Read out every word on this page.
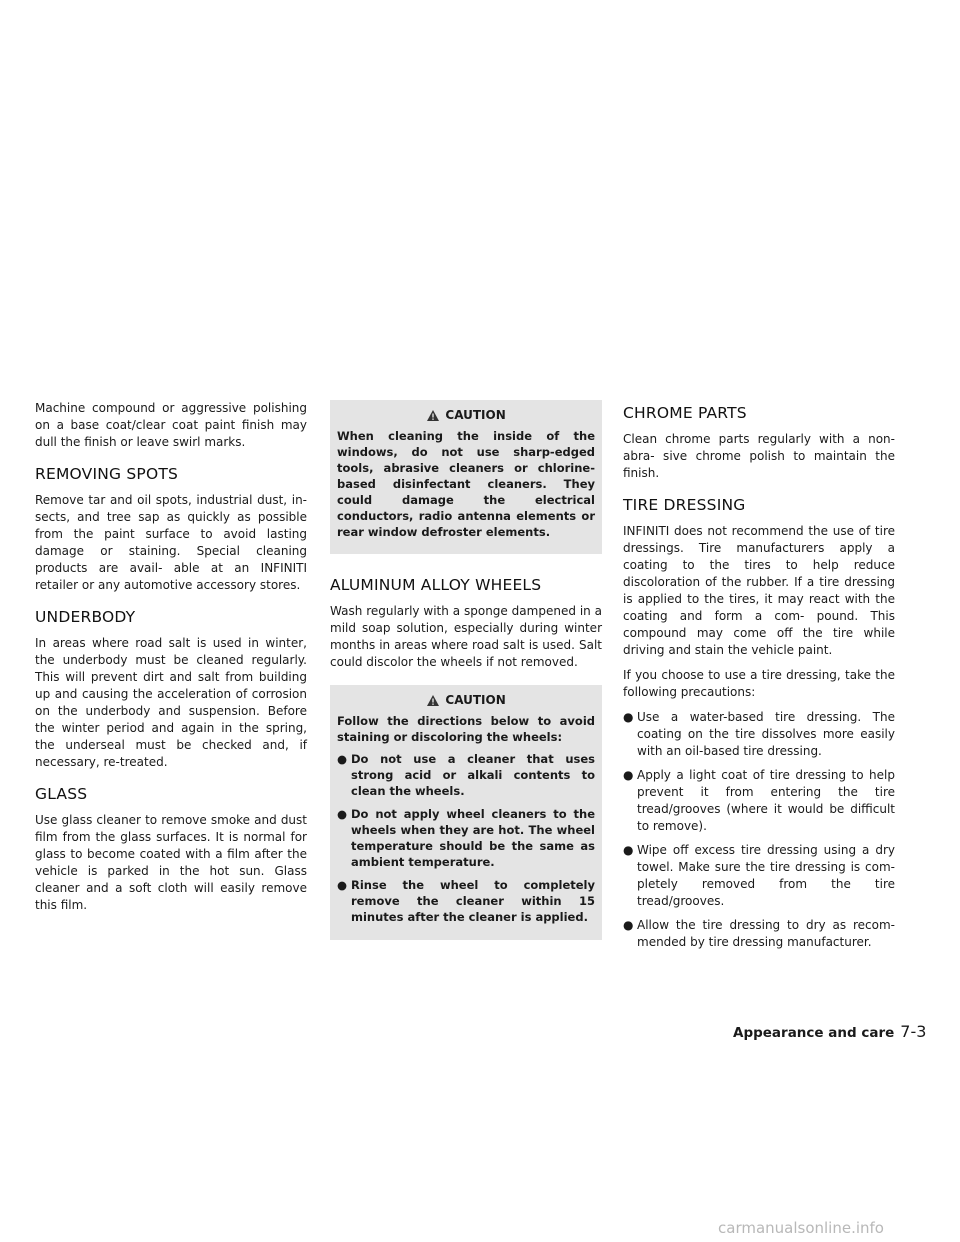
Machine compound or aggressive polishing on a base coat/clear coat paint finish may dull the finish or leave swirl marks.

REMOVING SPOTS

Remove tar and oil spots, industrial dust, in- sects, and tree sap as quickly as possible from the paint surface to avoid lasting damage or staining. Special cleaning products are avail- able at an INFINITI retailer or any automotive accessory stores.

UNDERBODY

In areas where road salt is used in winter, the underbody must be cleaned regularly. This will prevent dirt and salt from building up and causing the acceleration of corrosion on the underbody and suspension. Before the winter period and again in the spring, the underseal must be checked and, if necessary, re-treated.

GLASS

Use glass cleaner to remove smoke and dust film from the glass surfaces. It is normal for glass to become coated with a film after the vehicle is parked in the hot sun. Glass cleaner and a soft cloth will easily remove this film.

CAUTION

When cleaning the inside of the windows, do not use sharp-edged tools, abrasive cleaners or chlorine-based disinfectant cleaners. They could damage the electrical conductors, radio antenna elements or rear window defroster elements.

ALUMINUM ALLOY WHEELS

Wash regularly with a sponge dampened in a mild soap solution, especially during winter months in areas where road salt is used. Salt could discolor the wheels if not removed.

CAUTION

Follow the directions below to avoid staining or discoloring the wheels:

● Do not use a cleaner that uses strong acid or alkali contents to clean the wheels.
● Do not apply wheel cleaners to the wheels when they are hot. The wheel temperature should be the same as ambient temperature.
● Rinse the wheel to completely remove the cleaner within 15 minutes after the cleaner is applied.
CHROME PARTS

Clean chrome parts regularly with a non- abra- sive chrome polish to maintain the finish.

TIRE DRESSING

INFINITI does not recommend the use of tire dressings. Tire manufacturers apply a coating to the tires to help reduce discoloration of the rubber. If a tire dressing is applied to the tires, it may react with the coating and form a com- pound. This compound may come off the tire while driving and stain the vehicle paint.

If you choose to use a tire dressing, take the following precautions:

● Use a water-based tire dressing. The coating on the tire dissolves more easily with an oil-based tire dressing.
● Apply a light coat of tire dressing to help prevent it from entering the tire tread/grooves (where it would be difficult to remove).
● Wipe off excess tire dressing using a dry towel. Make sure the tire dressing is com- pletely removed from the tire tread/grooves.
● Allow the tire dressing to dry as recom- mended by tire dressing manufacturer.
Appearance and care 7-3
carmanualsonline.info
